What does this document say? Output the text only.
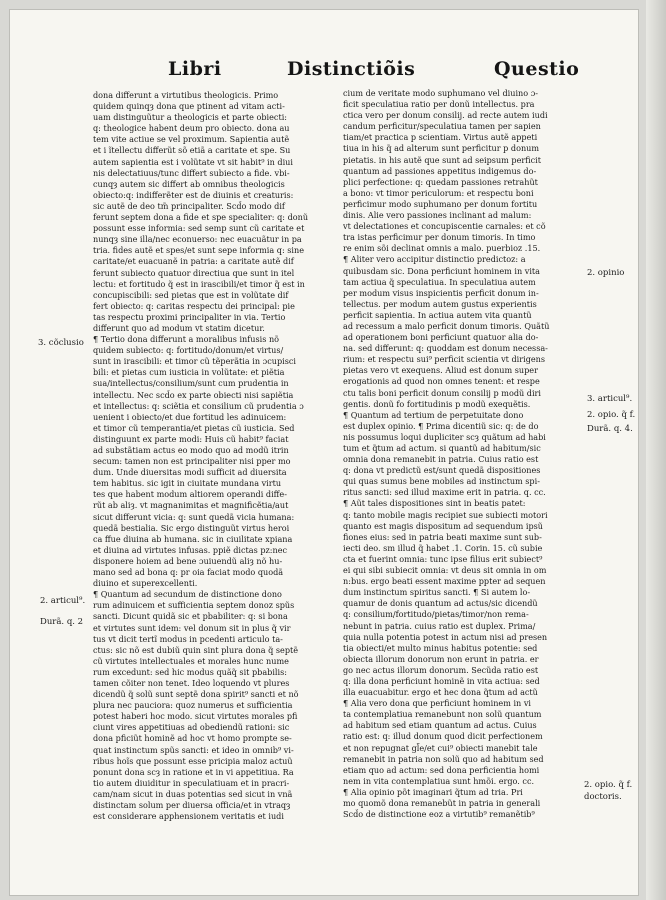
Libri	Distinctiõis	Questio
dona differunt a virtutibus theologicis. Primo
quidem quinqȝ dona que ptinent ad vitam acti-
uam distinguũtur a theologicis et parte obiecti:
q: theologice habent deum pro obiecto. dona au
tem vite actiue se vel proximum. Sapientia autẽ
et i ĩtellectu differũt sõ etiã a caritate et spe. Su
autem sapientia est i volũtate vt sit habit⁹ in diui
nis delectatiuus/tunc differt subiecto a fide. vbi-
cunqȝ autem sic differt ab omnibus theologicis
obiecto:q: indifferẽter est de diuinis et creaturis:
sic autẽ de deo tm̃ principaliter. Scd̃o modo dif
ferunt septem dona a fide et spe specialiter: q: donũ
possunt esse informia: sed semp sunt cũ caritate et
nunqȝ sine illa/nec econuerso: nec euacuãtur in pa
tria. fides autẽ et spes/et sunt sepe informia q: sine
caritate/et euacuanẽ in patria: a caritate autẽ dif
ferunt subiecto quatuor directiua que sunt in itel
lectu: et fortitudo q̃ est in irascibili/et timor q̃ est in
concupiscibili: sed pietas que est in volũtate dif
fert obiecto: q: caritas respectu dei principal: pie
tas respectu proximi principaliter in via. Tertio
differunt quo ad modum vt statim dicetur.
¶ Tertio dona differunt a moralibus infusis nõ
quidem subiecto: q: fortitudo/donum/et virtus/
sunt in irascibili: et timor cũ tẽperãtia in ɔcupisci
bili: et pietas cum iusticia in volũtate: et piẽtia
sua/intellectus/consilium/sunt cum prudentia in
intellectu. Nec scd̃o ex parte obiecti nisi sapiẽtia
et intellectus: q: sciẽtia et consilium cũ prudentia ɔ
uenient i obiecto/et due fortitud les adinuicem:
et timor cũ temperantia/et pietas cũ iusticia. Sed
distinguunt ex parte modi: Huis cũ habit⁹ faciat
ad substãtiam actus eo modo quo ad modũ itrin
secum: tamen non est principaliter nisi pper mo
dum. Unde diuersitas modi sufficit ad diuersita
tem habitus. sic igit in ciuitate mundana virtu
tes que habent modum altiorem operandi diffe-
rũt ab aliȝ. vt magnanimitas et magnificẽtia/aut
sicut differunt vicia: q: sunt quedã vicia humana:
quedã bestialia. Sic ergo distinguũt virtus heroi
ca ffue diuina ab humana. sic in ciuilitate xpiana
et diuina ad virtutes infusas. ppiẽ dictas pz:nec
disponere hoiem ad bene ɔuiuendũ aliȝ nõ hu-
mano sed ad bona q: pr oia faciat modo quodã
diuino et superexcellenti.
¶ Quantum ad secundum de distinctione dono
rum adinuicem et sufficientia septem donoz spũs
sancti. Dicunt quidã sic et pbabiliter: q: si bona
et virtutes sunt idem: vel donum sit in plus q̃ vir
tus vt dicit tertĩ modus in pcedenti articulo ta-
ctus: sic nõ est dubiũ quin sint plura dona q̃ septẽ
cũ virtutes intellectuales et morales hunc nume
rum excedunt: sed hic modus quãq̃ sit pbabilis:
tamen cõiter non tenet. Ideo loquendo vt plures
dicendũ q̃ solũ sunt septẽ dona spirit⁹ sancti et nõ
plura nec pauciora: quoz numerus et sufficientia
potest haberi hoc modo. sicut virtutes morales pfi
ciunt vires appetitiuas ad obediendũ rationi: sic
dona pficiũt hominẽ ad hoc vt homo prompte se-
quat instinctum spũs sancti: et ideo in omnib⁹ vi-
ribus hoĩs que possunt esse pricipia maloz actuũ
ponunt dona scȝ in ratione et in vi appetitiua. Ra
tio autem diuiditur in speculatiuam et in pracri-
cam/nam sicut in duas potentias sed sicut in vnã
distinctam solum per diuersa officia/et in vtraqȝ
est considerare apphensionem veritatis et iudi
cium de veritate modo suphumano vel diuino ɔ-
ficit speculatiua ratio per donũ intellectus. pra
ctica vero per donum consilij. ad recte autem iudi
candum perficitur/speculatiua tamen per sapien
tiam/et practica p scientiam. Virtus autẽ appeti
tiua in his q̃ ad alterum sunt perficitur p donum
pietatis. in his autẽ que sunt ad seipsum perficit
quantum ad passiones appetitus indigemus do-
plici perfectione: q: quedam passiones retrahũt
a bono: vt timor periculorum: et respectu boni
perficimur modo suphumano per donum fortitu
dinis. Alie vero passiones inclinant ad malum:
vt delectationes et concupiscentie carnales: et cõ
tra istas perficimur per donum timoris. In timo
re enim sõi declinat omnis a malo. puerbioz .15.
¶ Aliter vero accipitur distinctio predictoz: a
quibusdam sic. Dona perficiunt hominem in vita
tam actiua q̃ speculatiua. In speculatiua autem
per modum visus inspicientis perficit donum in-
tellectus. per modum autem gustus experientis
perficit sapientia. In actiua autem vita quantũ
ad recessum a malo perficit donum timoris. Quãtũ
ad operationem boni perficiunt quatuor alia do-
na. sed differunt: q: quoddam est donum necessa-
rium: et respectu sui⁹ perficit scientia vt dirigens
pietas vero vt exequens. Aliud est donum super
erogationis ad quod non omnes tenent: et respe
ctu talis boni perficit donum consilij p modũ diri
gentis. donũ fo fortitudinis p modũ exequẽtis.
¶ Quantum ad tertium de perpetuitate dono
est duplex opinio. ¶ Prima dicentiũ sic: q: de do
nis possumus loqui dupliciter scȝ quãtum ad habi
tum et q̃tum ad actum. si quantũ ad habitum/sic
omnia dona remanebit in patria. Cuius ratio est
q: dona vt predictũ est/sunt quedã dispositiones
qui quas sumus bene mobiles ad instinctum spi-
ritus sancti: sed illud maxime erit in patria. q. cc.
¶ Aũt tales dispositiones sint in beatis patet:
q: tanto mobile magis recipiet sue subiecti motori
quanto est magis dispositum ad sequendum ipsũ
fiones eius: sed in patria beati maxime sunt sub-
iecti deo. sm illud q̃ habet .1. Corin. 15. cũ subie
cta et fuerint omnia: tunc ipse filius erit subiect⁹
ei qui sibi subiecit omnia: vt deus sit omnia in om
n:bus. ergo beati essent maxime ppter ad sequen
dum instinctum spiritus sancti. ¶ Si autem lo-
quamur de donis quantum ad actus/sic dicendũ
q: consilium/fortitudo/pietas/timor/non rema-
nebunt in patria. cuius ratio est duplex. Prima/
quia nulla potentia potest in actum nisi ad presen
tia obiecti/et multo minus habitus potentie: sed
obiecta illorum donorum non erunt in patria. er
go nec actus illorum donorum. Secũda ratio est
q: illa dona perficiunt hominẽ in vita actiua: sed
illa euacuabitur. ergo et hec dona q̃tum ad actũ
¶ Alia vero dona que perficiunt hominem in vi
ta contemplatiua remanebunt non solũ quantum
ad habitum sed etiam quantum ad actus. Cuius
ratio est: q: illud donum quod dicit perfectionem
et non repugnat gl̃e/et cui⁹ obiecti manebit tale
remanebit in patria non solũ quo ad habitum sed
etiam quo ad actum: sed dona perficientia homi
nem in vita contemplatiua sunt hmõi. ergo. cc.
¶ Alia opinio põt imaginari q̃tum ad tria. Pri
mo quomõ dona remanebũt in patria in generali
Scd̃o de distinctione eoz a virtutib⁹ remanẽtib⁹
3. cõclusio
2. articul⁹.
Durã. q. 2
2. opinio
3. articul⁹.
2. opio. q̃ f.
Durã. q. 4.
2. opio. q̃ f.
doctoris.
